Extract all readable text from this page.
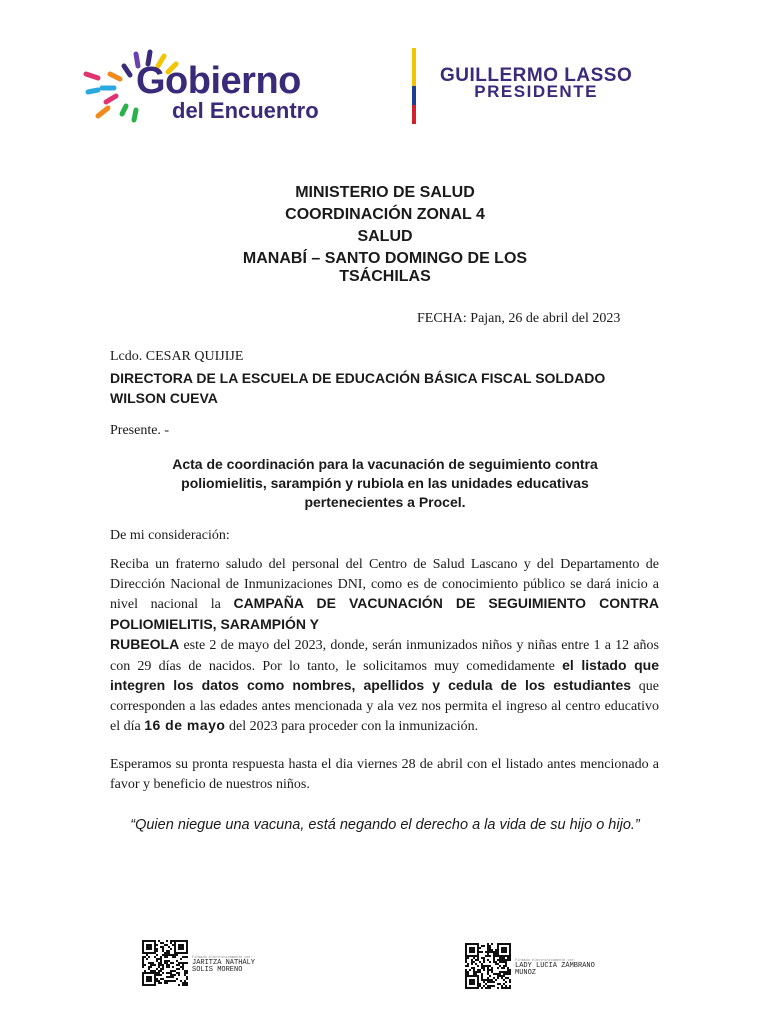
Gobierno
del Encuentro
GUILLERMO LASSO
PRESIDENTE
MINISTERIO DE SALUD
COORDINACIÓN ZONAL 4
SALUD
MANABÍ – SANTO DOMINGO DE LOS
TSÁCHILAS
FECHA: Pajan, 26 de abril del 2023
Lcdo. CESAR QUIJIJE
DIRECTORA DE LA ESCUELA DE EDUCACIÓN BÁSICA FISCAL SOLDADO WILSON CUEVA
Presente. -
Acta de coordinación para la vacunación de seguimiento contra poliomielitis, sarampión y rubiola en las unidades educativas pertenecientes a Procel.
De mi consideración:
Reciba un fraterno saludo del personal del Centro de Salud Lascano y del Departamento de Dirección Nacional de Inmunizaciones DNI, como es de conocimiento público se dará inicio a nivel nacional la CAMPAÑA DE VACUNACIÓN DE SEGUIMIENTO CONTRA POLIOMIELITIS, SARAMPIÓN Y
RUBEOLA este 2 de mayo del 2023, donde, serán inmunizados niños y niñas entre 1 a 12 años con 29 días de nacidos. Por lo tanto, le solicitamos muy comedidamente el listado que integren los datos como nombres, apellidos y cedula de los estudiantes que corresponden a las edades antes mencionada y ala vez nos permita el ingreso al centro educativo el día 16 de mayo del 2023 para proceder con la inmunización.
Esperamos su pronta respuesta hasta el dia viernes 28 de abril con el listado antes mencionado a favor y beneficio de nuestros niños.
“Quien niegue una vacuna, está negando el derecho a la vida de su hijo o hijo.”
Firmado electrónicamente por:
JARITZA NATHALY
SOLIS MORENO
Firmado electrónicamente por:
LADY LUCIA ZAMBRANO
MUNOZ
